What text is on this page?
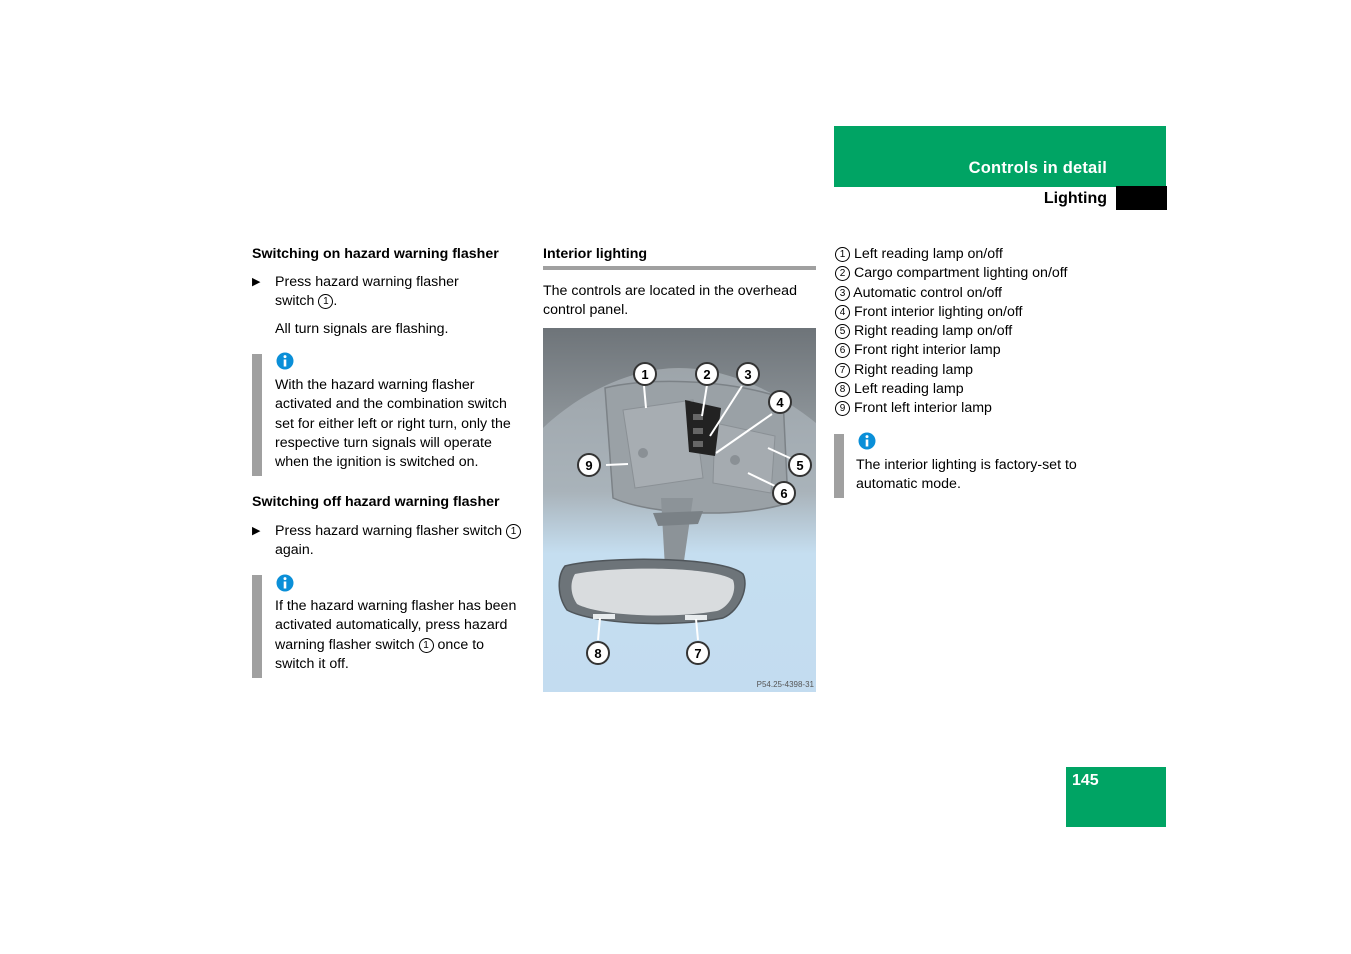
Controls in detail
Lighting
Switching on hazard warning flasher
▶ Press hazard warning flasher
switch 1 .
All turn signals are flashing.
With the hazard warning flasher
activated and the combination switch
set for either left or right turn, only the
respective turn signals will operate
when the ignition is switched on.
Switching off hazard warning flasher
▶ Press hazard warning flasher switch 1
again.
If the hazard warning flasher has been
activated automatically, press hazard
warning flasher switch 1 once to
switch it off.
Interior lighting
The controls are located in the overhead
control panel.
1	2	3
4
5
6
7
8
9
P54.25-4398-31
1 Left reading lamp on/off
2 Cargo compartment lighting on/off
3 Automatic control on/off
4 Front interior lighting on/off
5 Right reading lamp on/off
6 Front right interior lamp
7 Right reading lamp
8 Left reading lamp
9 Front left interior lamp
The interior lighting is factory-set to
automatic mode.
145
